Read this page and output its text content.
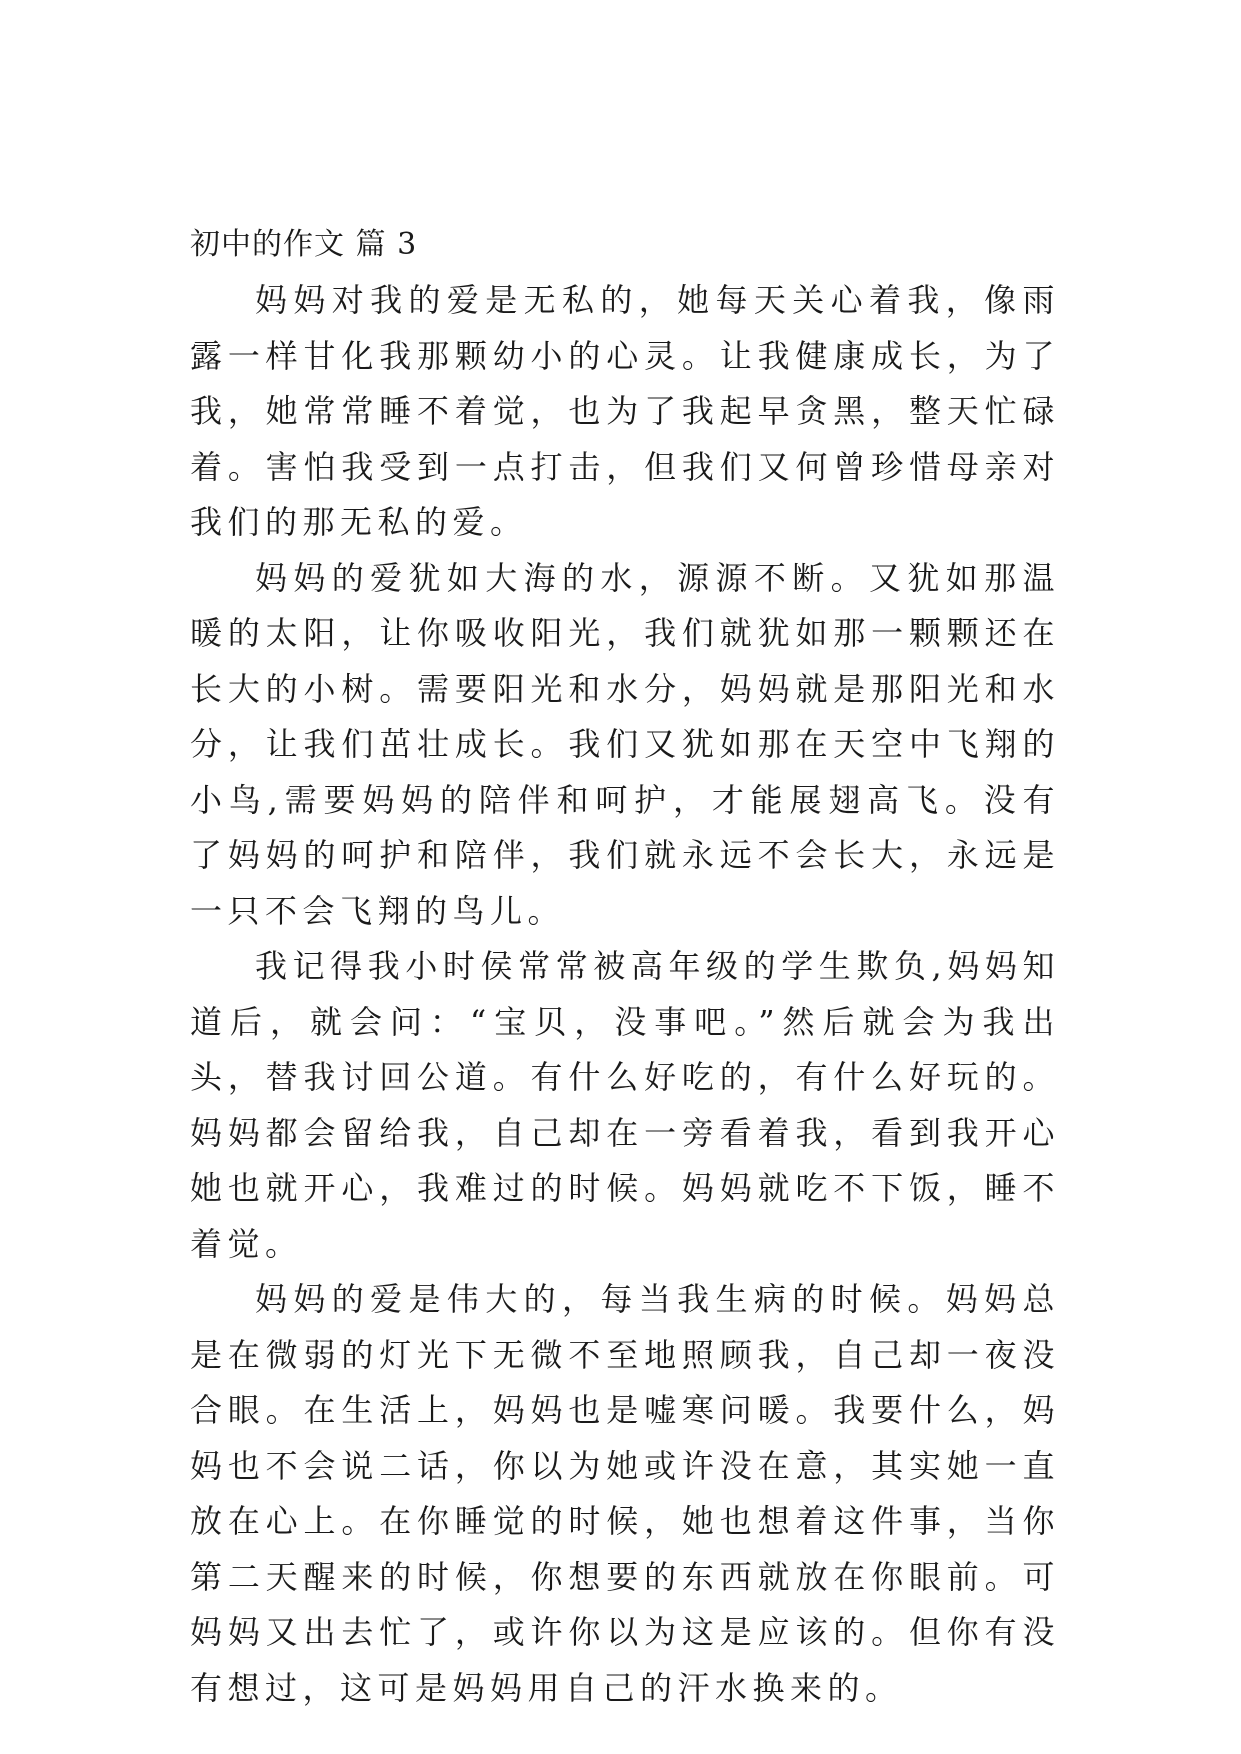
初中的作文 篇 3

妈妈对我的爱是无私的，她每天关心着我，像雨露一样甘化我那颗幼小的心灵。让我健康成长，为了我，她常常睡不着觉，也为了我起早贪黑，整天忙碌着。害怕我受到一点打击，但我们又何曾珍惜母亲对我们的那无私的爱。

妈妈的爱犹如大海的水，源源不断。又犹如那温暖的太阳，让你吸收阳光，我们就犹如那一颗颗还在长大的小树。需要阳光和水分，妈妈就是那阳光和水分，让我们茁壮成长。我们又犹如那在天空中飞翔的小鸟,需要妈妈的陪伴和呵护，才能展翅高飞。没有了妈妈的呵护和陪伴，我们就永远不会长大，永远是一只不会飞翔的鸟儿。

我记得我小时侯常常被高年级的学生欺负,妈妈知道后，就会问：“宝贝，没事吧。”然后就会为我出头，替我讨回公道。有什么好吃的，有什么好玩的。妈妈都会留给我，自己却在一旁看着我，看到我开心她也就开心，我难过的时候。妈妈就吃不下饭，睡不着觉。

妈妈的爱是伟大的，每当我生病的时候。妈妈总是在微弱的灯光下无微不至地照顾我，自己却一夜没合眼。在生活上，妈妈也是嘘寒问暖。我要什么，妈妈也不会说二话，你以为她或许没在意，其实她一直放在心上。在你睡觉的时候，她也想着这件事，当你第二天醒来的时候，你想要的东西就放在你眼前。可妈妈又出去忙了，或许你以为这是应该的。但你有没有想过，这可是妈妈用自己的汗水换来的。
